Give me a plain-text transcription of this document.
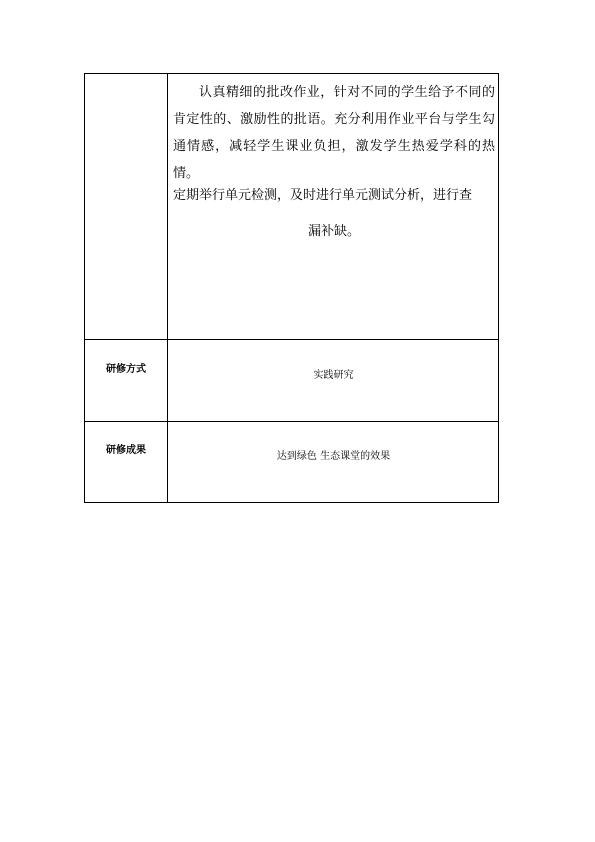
认真精细的批改作业，针对不同的学生给予不同的肯定性的、激励性的批语。充分利用作业平台与学生勾通情感，减轻学生课业负担，激发学生热爱学科的热情。
定期举行单元检测，及时进行单元测试分析，进行查
漏补缺。
研修方式
实践研究
研修成果
达到绿色 生态课堂的效果
